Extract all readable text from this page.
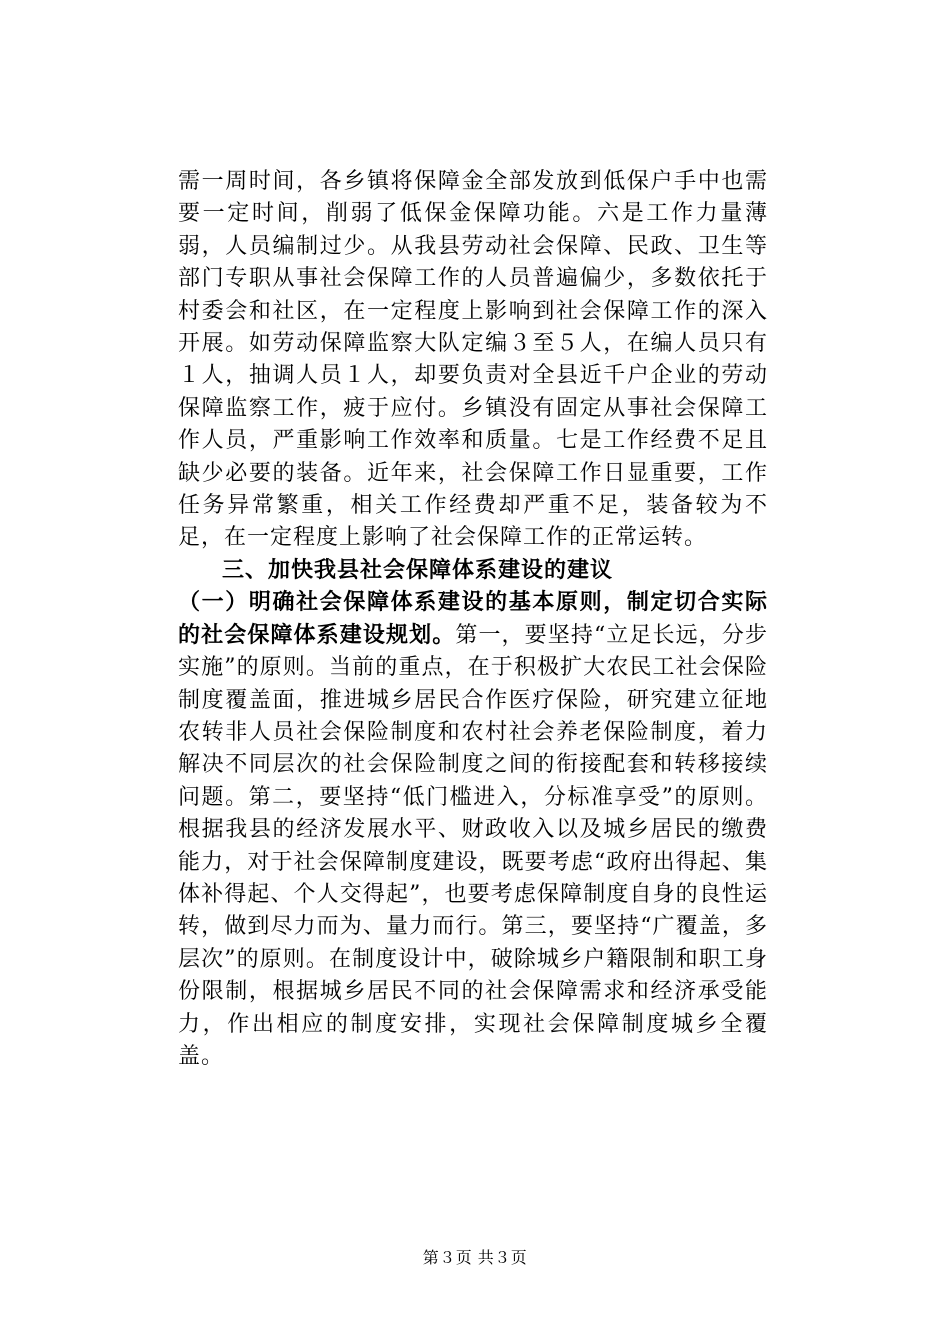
需一周时间，各乡镇将保障金全部发放到低保户手中也需要一定时间，削弱了低保金保障功能。六是工作力量薄弱，人员编制过少。从我县劳动社会保障、民政、卫生等部门专职从事社会保障工作的人员普遍偏少，多数依托于村委会和社区，在一定程度上影响到社会保障工作的深入开展。如劳动保障监察大队定编３至５人，在编人员只有１人，抽调人员１人，却要负责对全县近千户企业的劳动保障监察工作，疲于应付。乡镇没有固定从事社会保障工作人员，严重影响工作效率和质量。七是工作经费不足且缺少必要的装备。近年来，社会保障工作日显重要，工作任务异常繁重，相关工作经费却严重不足，装备较为不足，在一定程度上影响了社会保障工作的正常运转。

三、加快我县社会保障体系建设的建议

（一）明确社会保障体系建设的基本原则，制定切合实际的社会保障体系建设规划。第一，要坚持“立足长远，分步实施”的原则。当前的重点，在于积极扩大农民工社会保险制度覆盖面，推进城乡居民合作医疗保险，研究建立征地农转非人员社会保险制度和农村社会养老保险制度，着力解决不同层次的社会保险制度之间的衔接配套和转移接续问题。第二，要坚持“低门槛进入，分标准享受”的原则。根据我县的经济发展水平、财政收入以及城乡居民的缴费能力，对于社会保障制度建设，既要考虑“政府出得起、集体补得起、个人交得起”，也要考虑保障制度自身的良性运转，做到尽力而为、量力而行。第三，要坚持“广覆盖，多层次”的原则。在制度设计中，破除城乡户籍限制和职工身份限制，根据城乡居民不同的社会保障需求和经济承受能力，作出相应的制度安排，实现社会保障制度城乡全覆盖。

第３页 共３页
